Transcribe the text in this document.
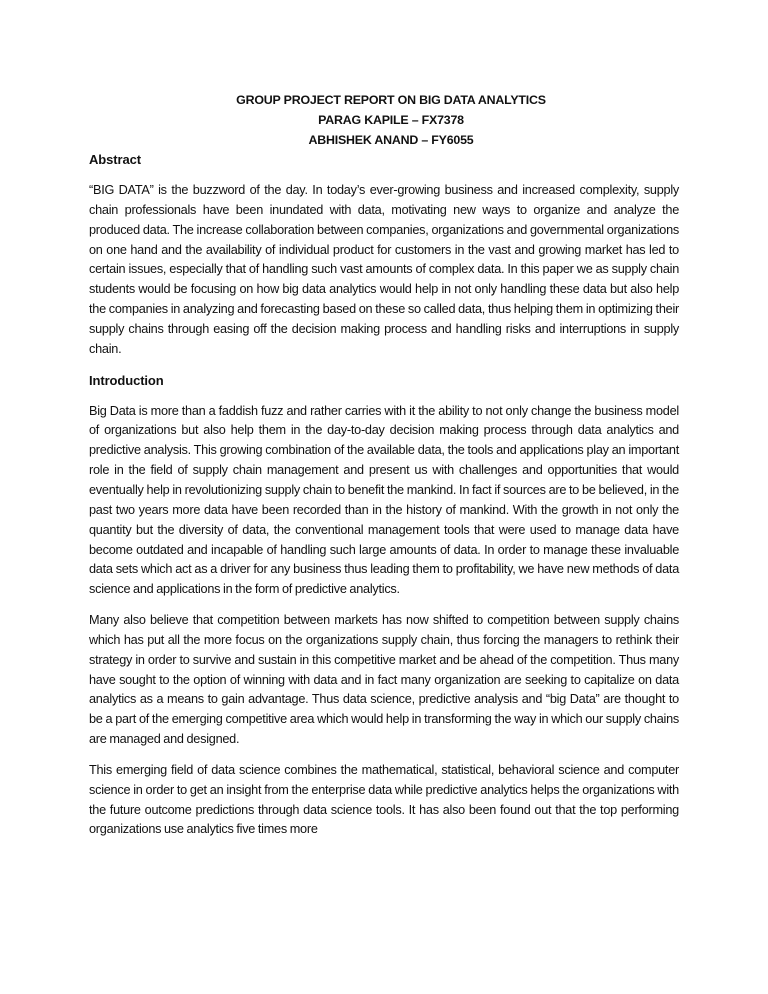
GROUP PROJECT REPORT ON BIG DATA ANALYTICS
PARAG KAPILE – FX7378
ABHISHEK ANAND – FY6055
Abstract

“BIG DATA” is the buzzword of the day. In today’s ever-growing business and increased complexity, supply chain professionals have been inundated with data, motivating new ways to organize and analyze the produced data. The increase collaboration between companies, organizations and governmental organizations on one hand and the availability of individual product for customers in the vast and growing market has led to certain issues, especially that of handling such vast amounts of complex data. In this paper we as supply chain students would be focusing on how big data analytics would help in not only handling these data but also help the companies in analyzing and forecasting based on these so called data, thus helping them in optimizing their supply chains through easing off the decision making process and handling risks and interruptions in supply chain.

Introduction

Big Data is more than a faddish fuzz and rather carries with it the ability to not only change the business model of organizations but also help them in the day-to-day decision making process through data analytics and predictive analysis. This growing combination of the available data, the tools and applications play an important role in the field of supply chain management and present us with challenges and opportunities that would eventually help in revolutionizing supply chain to benefit the mankind. In fact if sources are to be believed, in the past two years more data have been recorded than in the history of mankind. With the growth in not only the quantity but the diversity of data, the conventional management tools that were used to manage data have become outdated and incapable of handling such large amounts of data. In order to manage these invaluable data sets which act as a driver for any business thus leading them to profitability, we have new methods of data science and applications in the form of predictive analytics.

Many also believe that competition between markets has now shifted to competition between supply chains which has put all the more focus on the organizations supply chain, thus forcing the managers to rethink their strategy in order to survive and sustain in this competitive market and be ahead of the competition. Thus many have sought to the option of winning with data and in fact many organization are seeking to capitalize on data analytics as a means to gain advantage. Thus data science, predictive analysis and “big Data” are thought to be a part of the emerging competitive area which would help in transforming the way in which our supply chains are managed and designed.

This emerging field of data science combines the mathematical, statistical, behavioral science and computer science in order to get an insight from the enterprise data while predictive analytics helps the organizations with the future outcome predictions through data science tools. It has also been found out that the top performing organizations use analytics five times more
